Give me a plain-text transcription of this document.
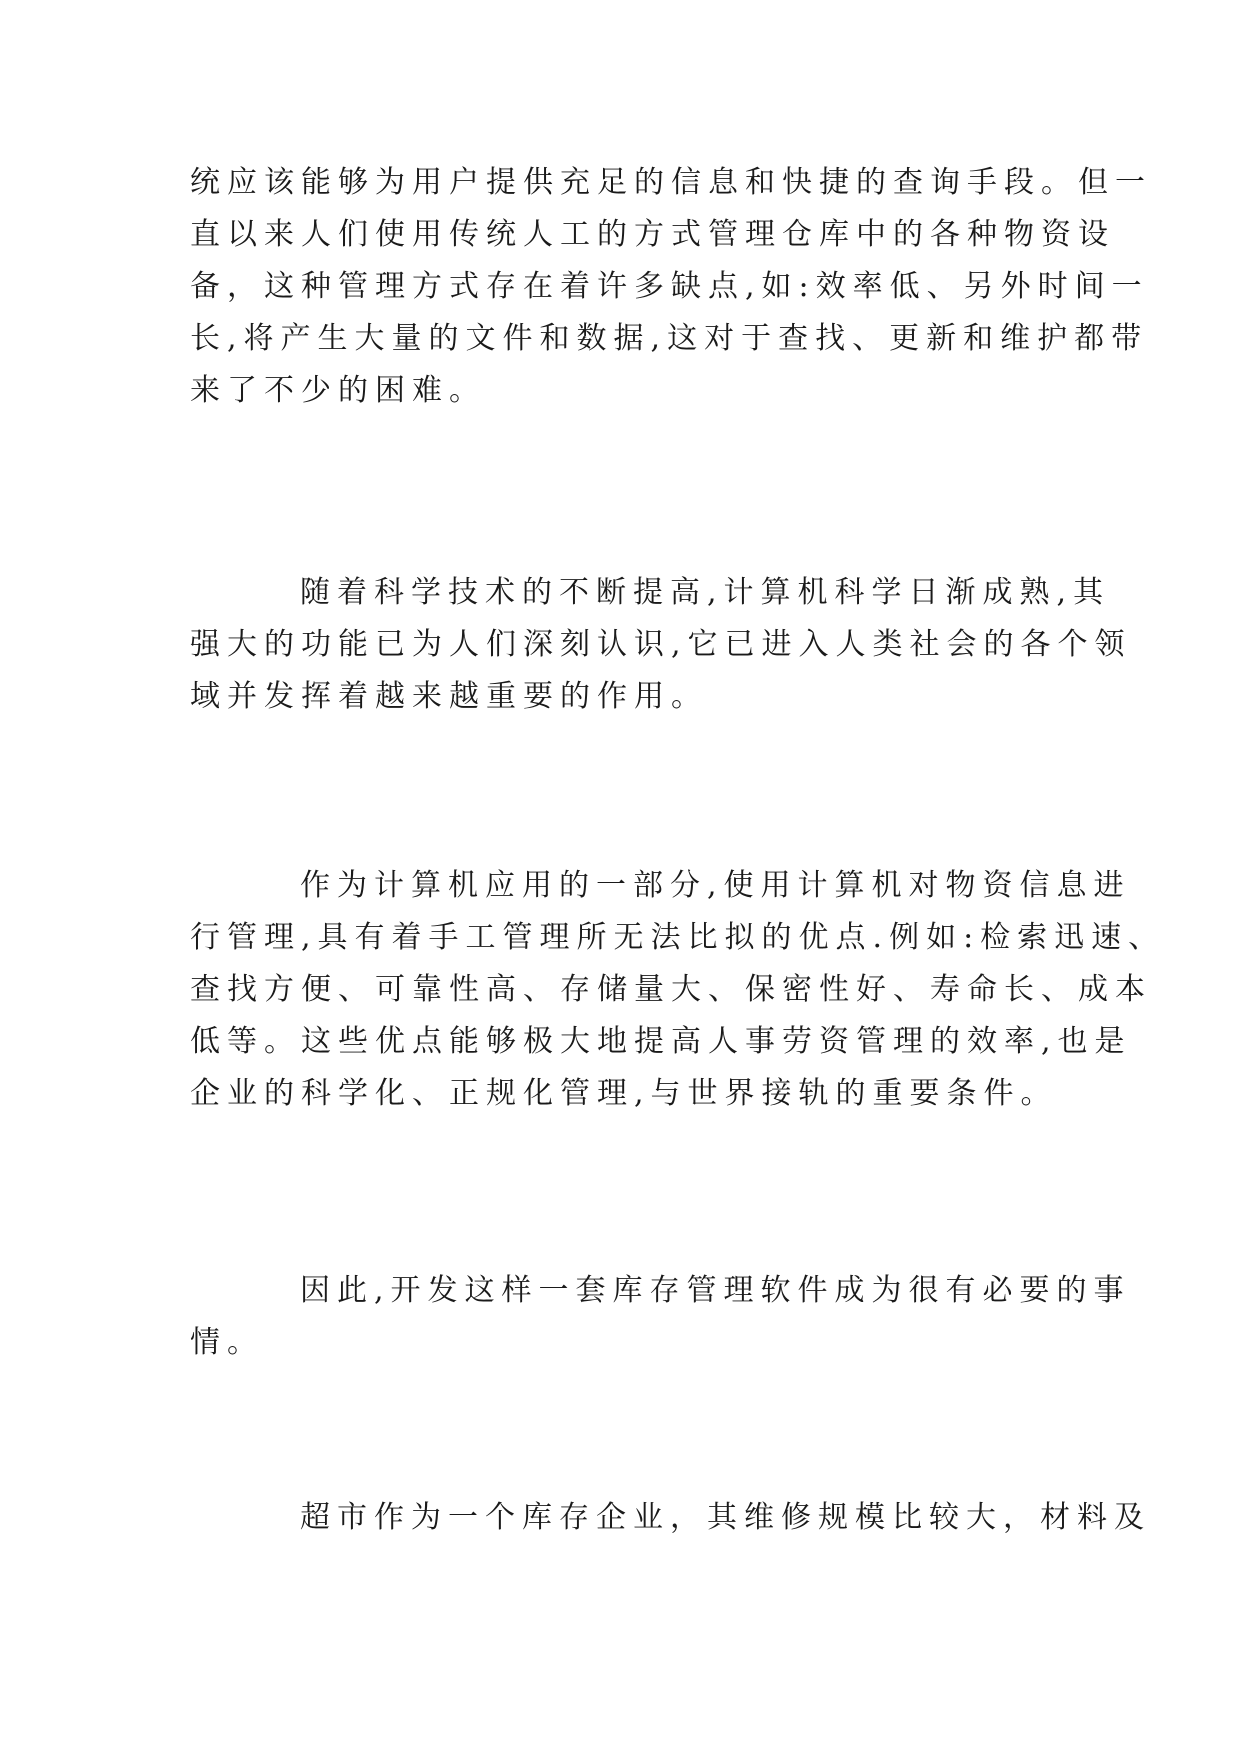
统应该能够为用户提供充足的信息和快捷的查询手段。但一
直以来人们使用传统人工的方式管理仓库中的各种物资设
备，这种管理方式存在着许多缺点,如:效率低、另外时间一
长,将产生大量的文件和数据,这对于查找、更新和维护都带
来了不少的困难。

随着科学技术的不断提高,计算机科学日渐成熟,其
强大的功能已为人们深刻认识,它已进入人类社会的各个领
域并发挥着越来越重要的作用。

作为计算机应用的一部分,使用计算机对物资信息进
行管理,具有着手工管理所无法比拟的优点.例如:检索迅速、
查找方便、可靠性高、存储量大、保密性好、寿命长、成本
低等。这些优点能够极大地提高人事劳资管理的效率,也是
企业的科学化、正规化管理,与世界接轨的重要条件。

因此,开发这样一套库存管理软件成为很有必要的事
情。

超市作为一个库存企业，其维修规模比较大，材料及
